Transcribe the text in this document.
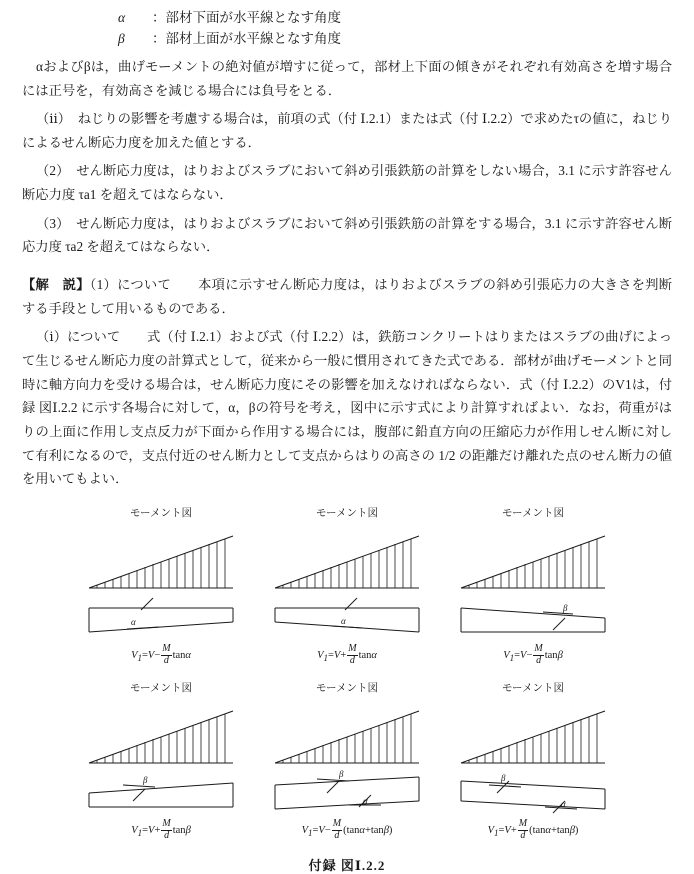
α ：部材下面が水平線となす角度
β ：部材上面が水平線となす角度
αおよびβは，曲げモーメントの絶対値が増すに従って，部材上下面の傾きがそれぞれ有効高さを増す場合には正号を，有効高さを減じる場合には負号をとる．
（ⅱ）　ねじりの影響を考慮する場合は，前項の式（付 Ⅰ.2.1）または式（付 Ⅰ.2.2）で求めたτの値に，ねじりによるせん断応力度を加えた値とする．
（2）　せん断応力度は，はりおよびスラブにおいて斜め引張鉄筋の計算をしない場合，3.1 に示す許容せん断応力度 τa1 を超えてはならない．
（3）　せん断応力度は，はりおよびスラブにおいて斜め引張鉄筋の計算をする場合，3.1 に示す許容せん断応力度 τa2 を超えてはならない．
【解　説】（1）について　　本項に示すせん断応力度は，はりおよびスラブの斜め引張応力の大きさを判断する手段として用いるものである．
（ⅰ）について　　式（付 Ⅰ.2.1）および式（付 Ⅰ.2.2）は，鉄筋コンクリートはりまたはスラブの曲げによって生じるせん断応力度の計算式として，従来から一般に慣用されてきた式である．部材が曲げモーメントと同時に軸方向力を受ける場合は，せん断応力度にその影響を加えなければならない．式（付 Ⅰ.2.2）のV1は，付録 図Ⅰ.2.2 に示す各場合に対して，α，βの符号を考え，図中に示す式により計算すればよい．なお，荷重がはりの上面に作用し支点反力が下面から作用する場合には，腹部に鉛直方向の圧縮応力が作用しせん断に対して有利になるので，支点付近のせん断力として支点からはりの高さの 1/2 の距離だけ離れた点のせん断力の値を用いてもよい．
モーメント図
α
$V1=V- \frac{M}{d}$ tanα
モーメント図
α
$V1=V+ \frac{M}{d}$ tanα
モーメント図
β
$V1=V- \frac{M}{d}$ tanβ
モーメント図
β
$V1=V+ \frac{M}{d}$ tanβ
モーメント図
β
α
$V1=V- \frac{M}{d} (\tan\alpha+\tan\beta)$
モーメント図
β
α
$V1=V+ \frac{M}{d} (\tan\alpha+\tan\beta)$
付録 図Ⅰ.2.2
